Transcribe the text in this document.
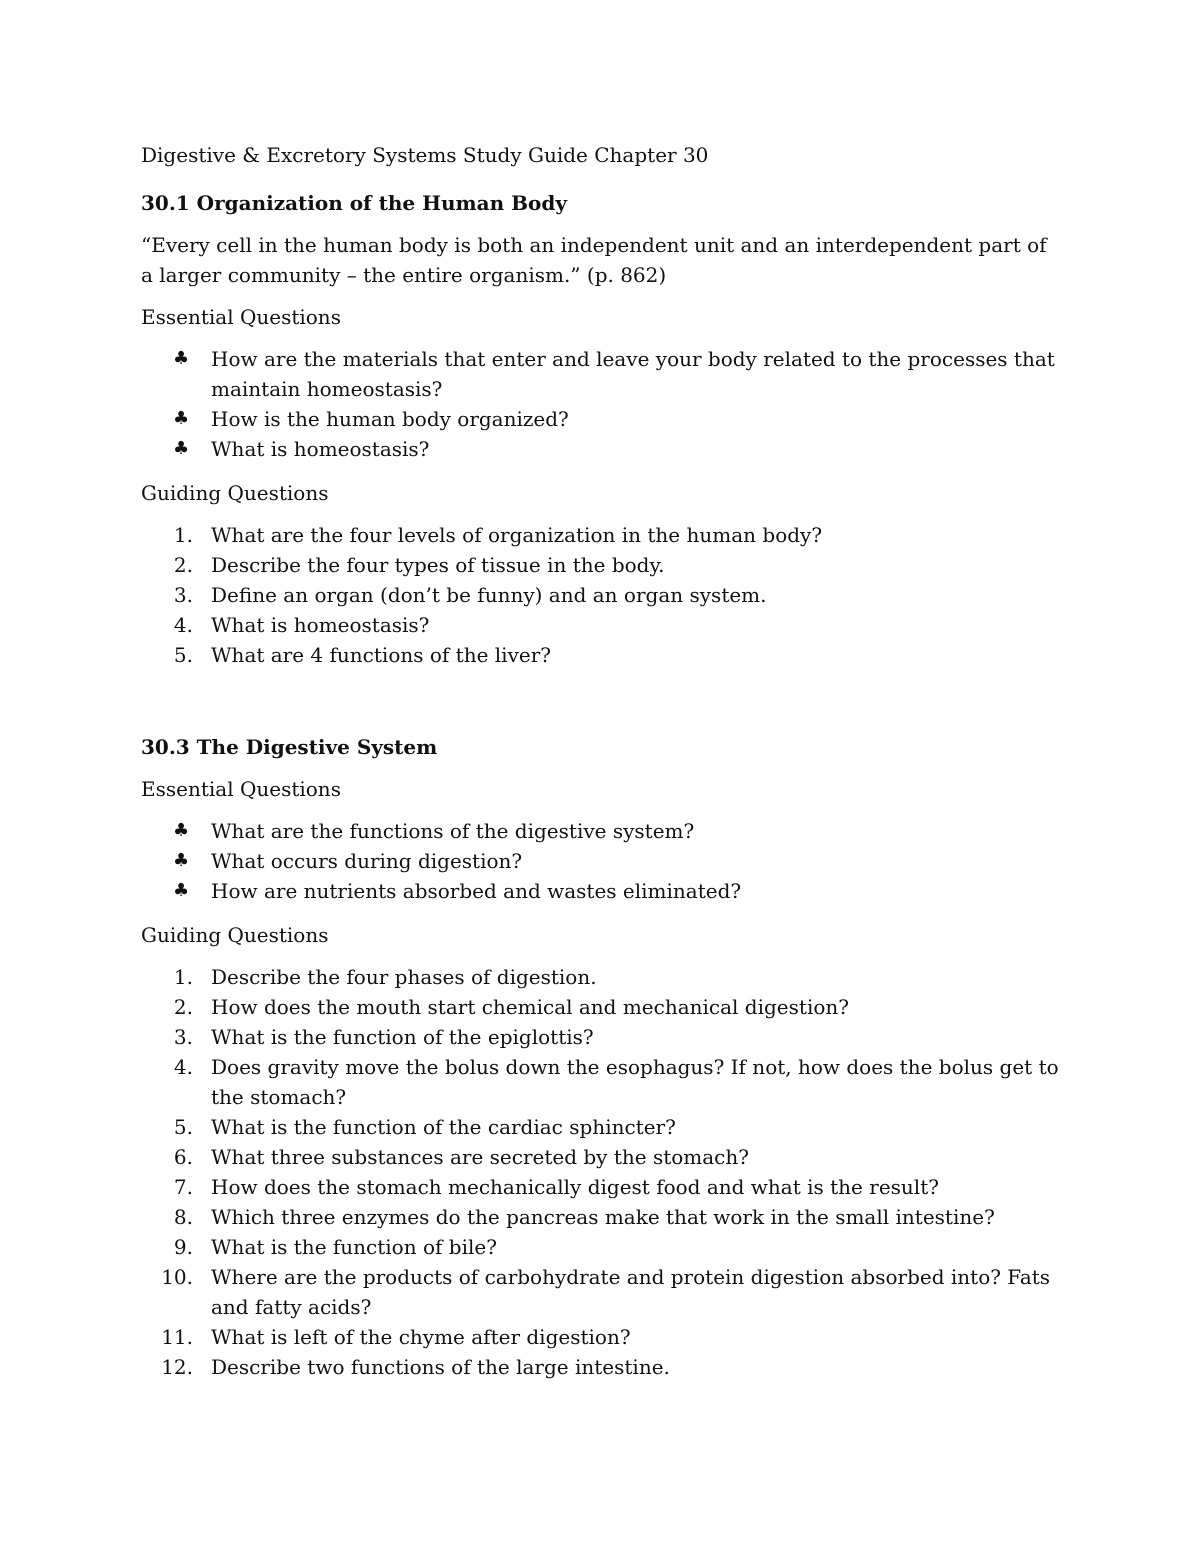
Digestive & Excretory Systems Study Guide Chapter 30

30.1 Organization of the Human Body

“Every cell in the human body is both an independent unit and an interdependent part of a larger community – the entire organism.” (p. 862)

Essential Questions

♣ How are the materials that enter and leave your body related to the processes that maintain homeostasis?
♣ How is the human body organized?
♣ What is homeostasis?

Guiding Questions

1. What are the four levels of organization in the human body?
2. Describe the four types of tissue in the body.
3. Define an organ (don’t be funny) and an organ system.
4. What is homeostasis?
5. What are 4 functions of the liver?

30.3 The Digestive System

Essential Questions

♣ What are the functions of the digestive system?
♣ What occurs during digestion?
♣ How are nutrients absorbed and wastes eliminated?

Guiding Questions

1. Describe the four phases of digestion.
2. How does the mouth start chemical and mechanical digestion?
3. What is the function of the epiglottis?
4. Does gravity move the bolus down the esophagus? If not, how does the bolus get to the stomach?
5. What is the function of the cardiac sphincter?
6. What three substances are secreted by the stomach?
7. How does the stomach mechanically digest food and what is the result?
8. Which three enzymes do the pancreas make that work in the small intestine?
9. What is the function of bile?
10. Where are the products of carbohydrate and protein digestion absorbed into? Fats and fatty acids?
11. What is left of the chyme after digestion?
12. Describe two functions of the large intestine.
